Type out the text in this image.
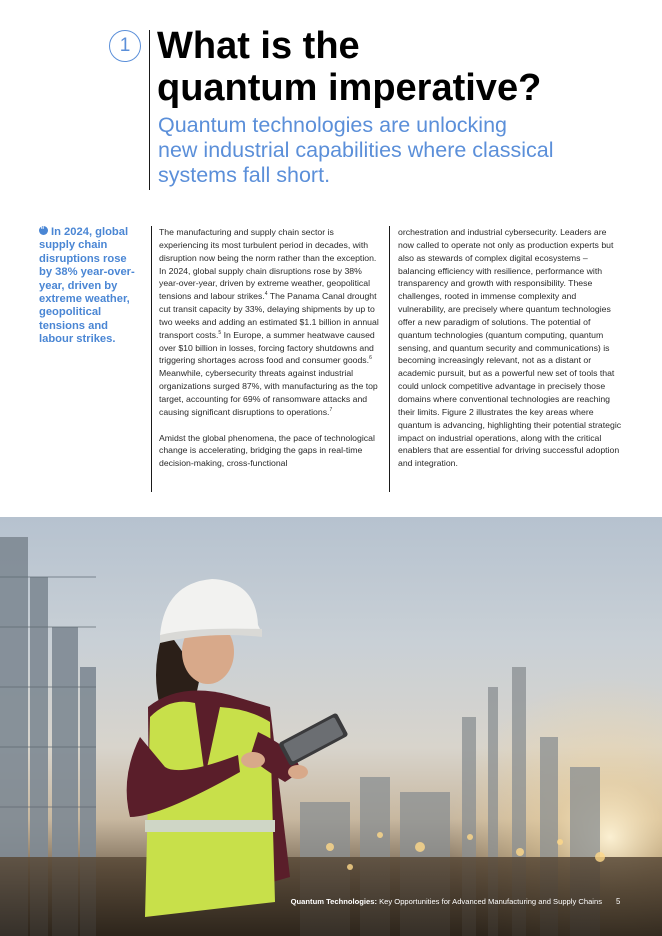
1 What is the
quantum imperative?
Quantum technologies are unlocking
new industrial capabilities where classical
systems fall short.
“In 2024, global supply chain disruptions rose by 38% year-over-year, driven by extreme weather, geopolitical tensions and labour strikes.

The manufacturing and supply chain sector is experiencing its most turbulent period in decades, with disruption now being the norm rather than the exception. In 2024, global supply chain disruptions rose by 38% year-over-year, driven by extreme weather, geopolitical tensions and labour strikes.$^4$ The Panama Canal drought cut transit capacity by 33%, delaying shipments by up to two weeks and adding an estimated $1.1 billion in annual transport costs.$^5$ In Europe, a summer heatwave caused over $10 billion in losses, forcing factory shutdowns and triggering shortages across food and consumer goods.$^6$ Meanwhile, cybersecurity threats against industrial organizations surged 87%, with manufacturing as the top target, accounting for 69% of ransomware attacks and causing significant disruptions to operations.$^7$

Amidst the global phenomena, the pace of technological change is accelerating, bridging the gaps in real-time decision-making, cross-functional

orchestration and industrial cybersecurity. Leaders are now called to operate not only as production experts but also as stewards of complex digital ecosystems – balancing efficiency with resilience, performance with transparency and growth with responsibility. These challenges, rooted in immense complexity and vulnerability, are precisely where quantum technologies offer a new paradigm of solutions. The potential of quantum technologies (quantum computing, quantum sensing, and quantum security and communications) is becoming increasingly relevant, not as a distant or academic pursuit, but as a powerful new set of tools that could unlock competitive advantage in precisely those domains where conventional technologies are reaching their limits. Figure 2 illustrates the key areas where quantum is advancing, highlighting their potential strategic impact on industrial operations, along with the critical enablers that are essential for driving successful adoption and integration.

Quantum Technologies: Key Opportunities for Advanced Manufacturing and Supply Chains 5
